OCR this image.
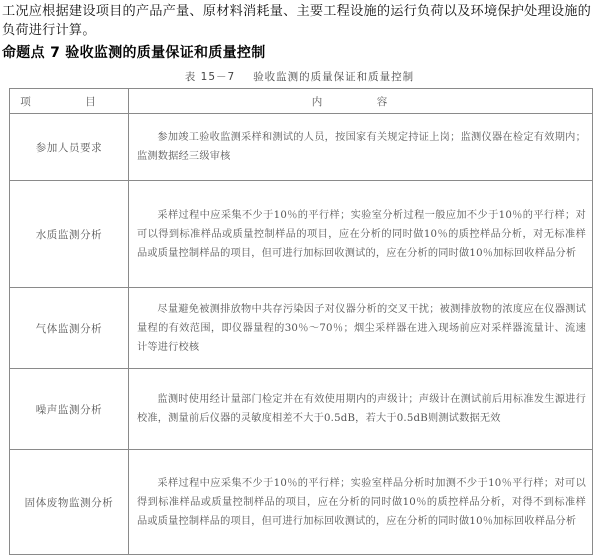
工况应根据建设项目的产品产量、原材料消耗量、主要工程设施的运行负荷以及环境保护处理设施的负荷进行计算。
命题点 7 验收监测的质量保证和质量控制
表 15－7 验收监测的质量保证和质量控制
项　目	内　容
参加人员要求	参加竣工验收监测采样和测试的人员，按国家有关规定持证上岗；监测仪器在检定有效期内；监测数据经三级审核

水质监测分析	采样过程中应采集不少于10％的平行样；实验室分析过程一般应加不少于10％的平行样；对可以得到标准样品或质量控制样品的项目，应在分析的同时做10％的质控样品分析，对无标准样品或质量控制样品的项目，但可进行加标回收测试的，应在分析的同时做10％加标回收样品分析

气体监测分析	尽量避免被测排放物中共存污染因子对仪器分析的交叉干扰；被测排放物的浓度应在仪器测试量程的有效范围，即仪器量程的30％～70％；烟尘采样器在进入现场前应对采样器流量计、流速计等进行校核

噪声监测分析	监测时使用经计量部门检定并在有效使用期内的声级计；声级计在测试前后用标准发生源进行校准，测量前后仪器的灵敏度相差不大于0.5dB，若大于0.5dB则测试数据无效

固体废物监测分析	采样过程中应采集不少于10％的平行样；实验室样品分析时加测不少于10％平行样；对可以得到标准样品或质量控制样品的项目，应在分析的同时做10％的质控样品分析，对得不到标准样品或质量控制样品的项目，但可进行加标回收测试的，应在分析的同时做10％加标回收样品分析
